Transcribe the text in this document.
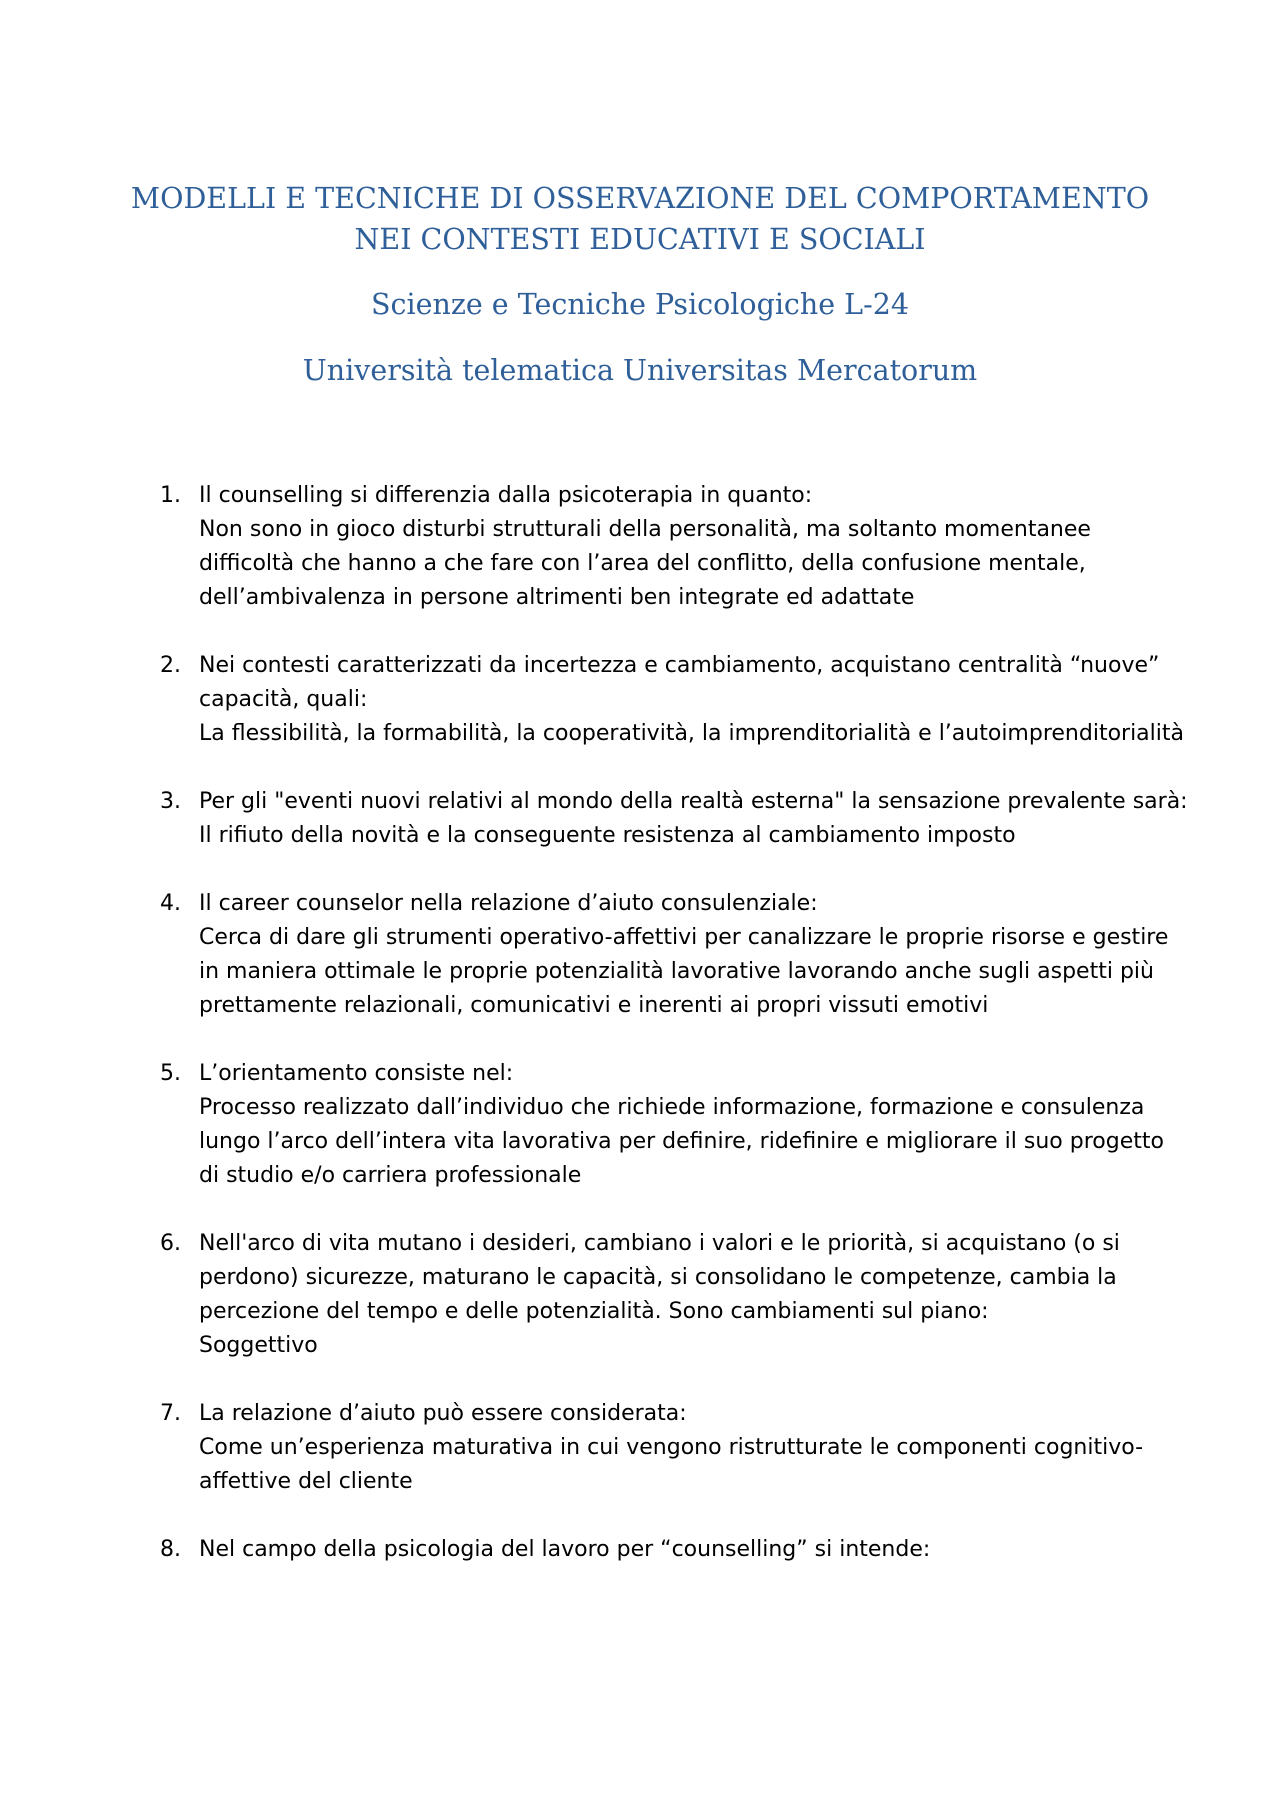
MODELLI E TECNICHE DI OSSERVAZIONE DEL COMPORTAMENTO
NEI CONTESTI EDUCATIVI E SOCIALI

Scienze e Tecniche Psicologiche L-24

Università telematica Universitas Mercatorum

1. Il counselling si differenzia dalla psicoterapia in quanto:
Non sono in gioco disturbi strutturali della personalità, ma soltanto momentanee difficoltà che hanno a che fare con l’area del conflitto, della confusione mentale, dell’ambivalenza in persone altrimenti ben integrate ed adattate
2. Nei contesti caratterizzati da incertezza e cambiamento, acquistano centralità “nuove” capacità, quali:
La flessibilità, la formabilità, la cooperatività, la imprenditorialità e l’autoimprenditorialità
3. Per gli "eventi nuovi relativi al mondo della realtà esterna" la sensazione prevalente sarà:
Il rifiuto della novità e la conseguente resistenza al cambiamento imposto
4. Il career counselor nella relazione d’aiuto consulenziale:
Cerca di dare gli strumenti operativo-affettivi per canalizzare le proprie risorse e gestire in maniera ottimale le proprie potenzialità lavorative lavorando anche sugli aspetti più prettamente relazionali, comunicativi e inerenti ai propri vissuti emotivi
5. L’orientamento consiste nel:
Processo realizzato dall’individuo che richiede informazione, formazione e consulenza lungo l’arco dell’intera vita lavorativa per definire, ridefinire e migliorare il suo progetto di studio e/o carriera professionale
6. Nell'arco di vita mutano i desideri, cambiano i valori e le priorità, si acquistano (o si perdono) sicurezze, maturano le capacità, si consolidano le competenze, cambia la percezione del tempo e delle potenzialità. Sono cambiamenti sul piano:
Soggettivo
7. La relazione d’aiuto può essere considerata:
Come un’esperienza maturativa in cui vengono ristrutturate le componenti cognitivo-affettive del cliente
8. Nel campo della psicologia del lavoro per “counselling” si intende:
